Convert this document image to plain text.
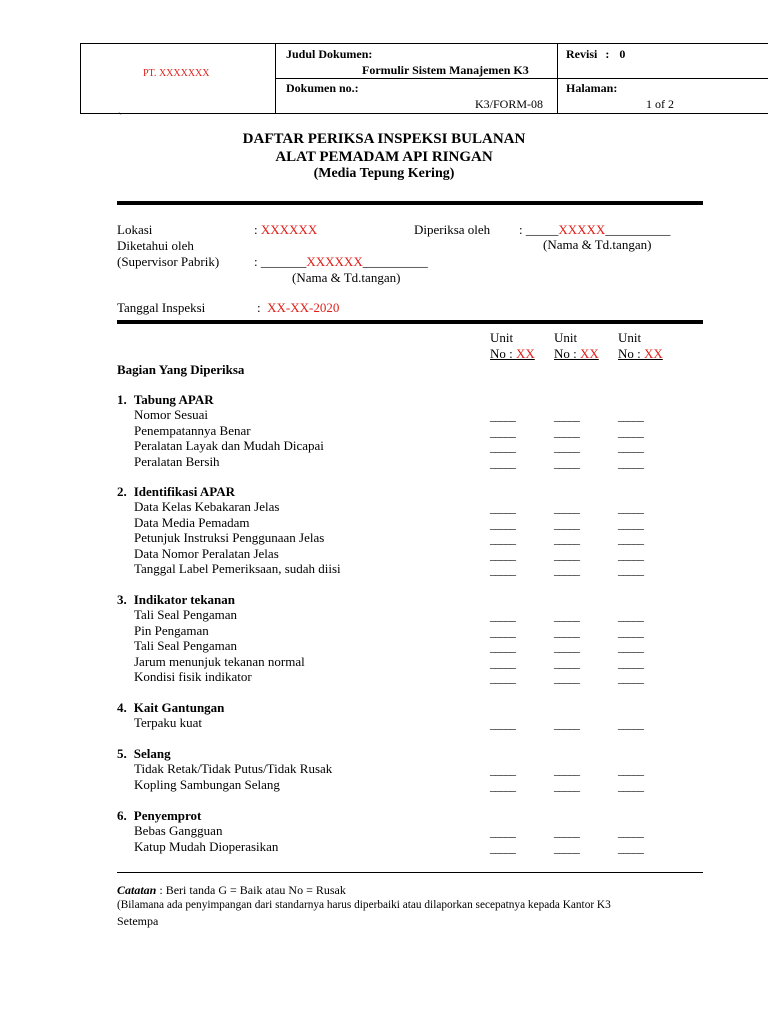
PT. XXXXXXX
Judul Dokumen:
Formulir Sistem Manajemen K3
Dokumen no.:
K3/FORM-08
Revisi : 0
Halaman:
1 of 2
`
DAFTAR PERIKSA INSPEKSI BULANAN
ALAT PEMADAM API RINGAN
(Media Tepung Kering)
Lokasi	: XXXXXX	Diperiksa oleh : _____XXXXX__________
(Nama & Td.tangan)
Diketahui oleh
(Supervisor Pabrik)	: _______XXXXXX__________
(Nama & Td.tangan)
Tanggal Inspeksi	: XX-XX-2020
Unit
No : XX
Unit
No : XX
Unit
No : XX
Bagian Yang Diperiksa
1. Tabung APAR
Nomor Sesuai	_____	_____	_____
Penempatannya Benar	_____	_____	_____
Peralatan Layak dan Mudah Dicapai	_____	_____	_____
Peralatan Bersih	_____	_____	_____
2. Identifikasi APAR
Data Kelas Kebakaran Jelas	_____	_____	_____
Data Media Pemadam	_____	_____	_____
Petunjuk Instruksi Penggunaan Jelas	_____	_____	_____
Data Nomor Peralatan Jelas	_____	_____	_____
Tanggal Label Pemeriksaan, sudah diisi	_____	_____	_____
3. Indikator tekanan
Tali Seal Pengaman	_____	_____	_____
Pin Pengaman	_____	_____	_____
Tali Seal Pengaman	_____	_____	_____
Jarum menunjuk tekanan normal	_____	_____	_____
Kondisi fisik indikator	_____	_____	_____
4. Kait Gantungan
Terpaku kuat	_____	_____	_____
5. Selang
Tidak Retak/Tidak Putus/Tidak Rusak	_____	_____	_____
Kopling Sambungan Selang	_____	_____	_____
6. Penyemprot
Bebas Gangguan	_____	_____	_____
Katup Mudah Dioperasikan	_____	_____	_____
Catatan : Beri tanda G = Baik atau No = Rusak
(Bilamana ada penyimpangan dari standarnya harus diperbaiki atau dilaporkan secepatnya kepada Kantor K3
Setempa
